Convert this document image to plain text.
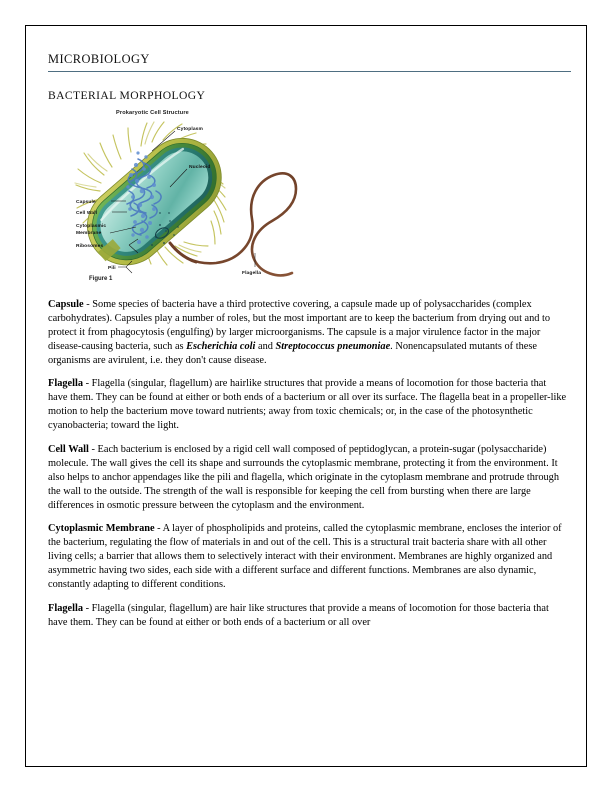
MICROBIOLOGY
BACTERIAL MORPHOLOGY
Prokaryotic Cell Structure
Figure 1
Cytoplasm
Nucleoid
Capsule
Cell Wall
Cytoplasmic
Membrane
Ribosomes
Pili
Flagella

Capsule - Some species of bacteria have a third protective covering, a capsule made up of polysaccharides (complex carbohydrates). Capsules play a number of roles, but the most important are to keep the bacterium from drying out and to protect it from phagocytosis (engulfing) by larger microorganisms. The capsule is a major virulence factor in the major disease-causing bacteria, such as Escherichia coli and Streptococcus pneumoniae. Nonencapsulated mutants of these organisms are avirulent, i.e. they don't cause disease.

Flagella - Flagella (singular, flagellum) are hairlike structures that provide a means of locomotion for those bacteria that have them. They can be found at either or both ends of a bacterium or all over its surface. The flagella beat in a propeller-like motion to help the bacterium move toward nutrients; away from toxic chemicals; or, in the case of the photosynthetic cyanobacteria; toward the light.

Cell Wall - Each bacterium is enclosed by a rigid cell wall composed of peptidoglycan, a protein-sugar (polysaccharide) molecule. The wall gives the cell its shape and surrounds the cytoplasmic membrane, protecting it from the environment. It also helps to anchor appendages like the pili and flagella, which originate in the cytoplasm membrane and protrude through the wall to the outside. The strength of the wall is responsible for keeping the cell from bursting when there are large differences in osmotic pressure between the cytoplasm and the environment.

Cytoplasmic Membrane - A layer of phospholipids and proteins, called the cytoplasmic membrane, encloses the interior of the bacterium, regulating the flow of materials in and out of the cell. This is a structural trait bacteria share with all other living cells; a barrier that allows them to selectively interact with their environment. Membranes are highly organized and asymmetric having two sides, each side with a different surface and different functions. Membranes are also dynamic, constantly adapting to different conditions.

Flagella - Flagella (singular, flagellum) are hair like structures that provide a means of locomotion for those bacteria that have them. They can be found at either or both ends of a bacterium or all over
